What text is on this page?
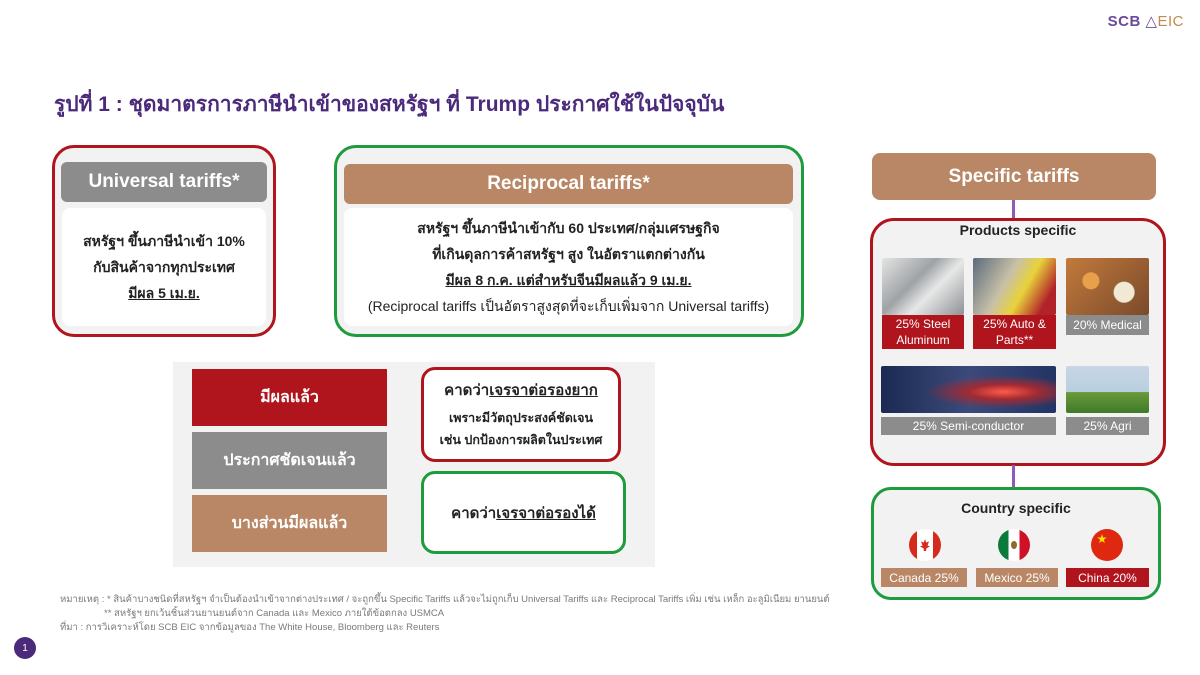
SCB △EIC
รูปที่ 1 : ชุดมาตรการภาษีนำเข้าของสหรัฐฯ ที่ Trump ประกาศใช้ในปัจจุบัน
Universal tariffs*
สหรัฐฯ ขึ้นภาษีนำเข้า 10%
กับสินค้าจากทุกประเทศ
มีผล 5 เม.ย.
Reciprocal tariffs*
สหรัฐฯ ขึ้นภาษีนำเข้ากับ 60 ประเทศ/กลุ่มเศรษฐกิจ
ที่เกินดุลการค้าสหรัฐฯ สูง ในอัตราแตกต่างกัน
มีผล 8 ก.ค. แต่สำหรับจีนมีผลแล้ว 9 เม.ย.
(Reciprocal tariffs เป็นอัตราสูงสุดที่จะเก็บเพิ่มจาก Universal tariffs)
มีผลแล้ว
ประกาศชัดเจนแล้ว
บางส่วนมีผลแล้ว
คาดว่าเจรจาต่อรองยาก
เพราะมีวัตถุประสงค์ชัดเจน
เช่น ปกป้องการผลิตในประเทศ
คาดว่า เจรจาต่อรองได้
Specific tariffs
Products specific
25% Steel Aluminum
25% Auto & Parts**
20% Medical
25% Semi-conductor	25% Agri
Country specific
Canada 25%	Mexico 25%	China 20%
หมายเหตุ : * สินค้าบางชนิดที่สหรัฐฯ จำเป็นต้องนำเข้าจากต่างประเทศ / จะถูกขึ้น Specific Tariffs แล้วจะไม่ถูกเก็บ Universal Tariffs และ Reciprocal Tariffs เพิ่ม เช่น เหล็ก อะลูมิเนียม ยานยนต์
** สหรัฐฯ ยกเว้นชิ้นส่วนยานยนต์จาก Canada และ Mexico ภายใต้ข้อตกลง USMCA
ที่มา : การวิเคราะห์โดย SCB EIC จากข้อมูลของ The White House, Bloomberg และ Reuters
1
